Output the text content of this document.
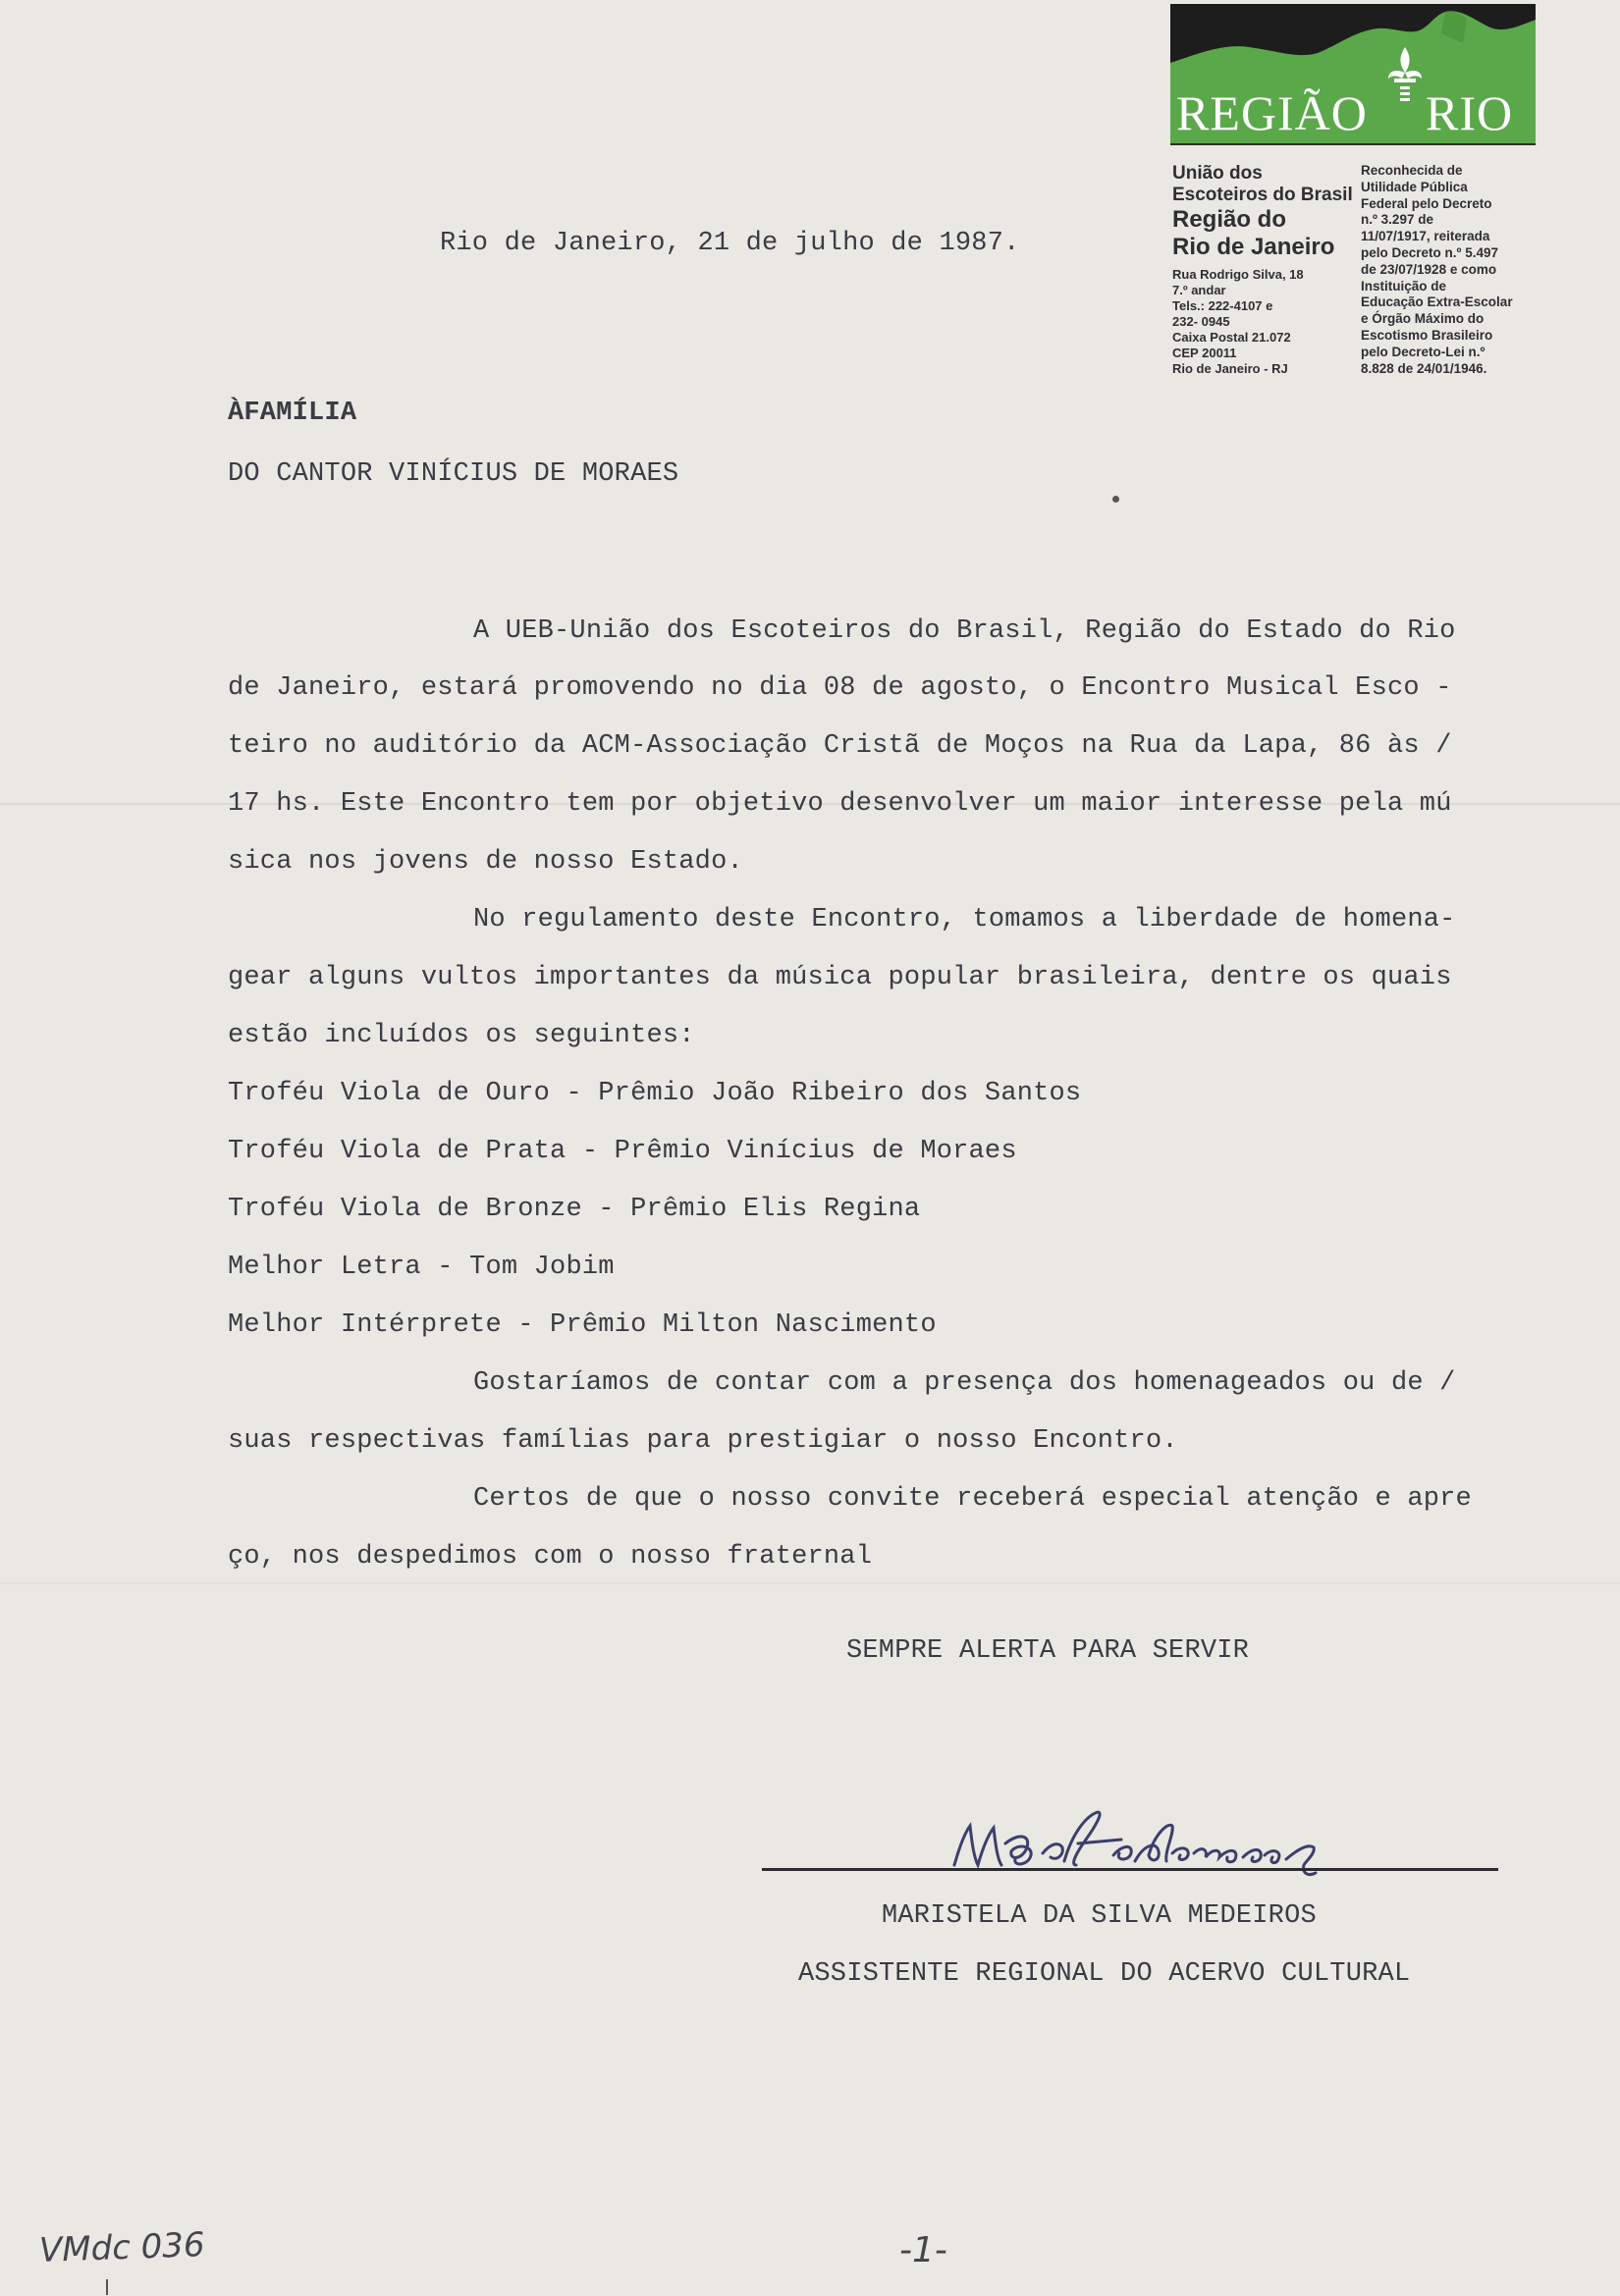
REGIÃO RIO
União dos
Escoteiros do Brasil
Região do
Rio de Janeiro
Rua Rodrigo Silva, 18
7.º andar
Tels.: 222-4107 e
232- 0945
Caixa Postal 21.072
CEP 20011
Rio de Janeiro - RJ
Reconhecida de
Utilidade Pública
Federal pelo Decreto
n.º 3.297 de
11/07/1917, reiterada
pelo Decreto n.º 5.497
de 23/07/1928 e como
Instituição de
Educação Extra-Escolar
e Órgão Máximo do
Escotismo Brasileiro
pelo Decreto-Lei n.º
8.828 de 24/01/1946.
Rio de Janeiro, 21 de julho de 1987.
ÀFAMÍLIA
DO CANTOR VINÍCIUS DE MORAES
A UEB-União dos Escoteiros do Brasil, Região do Estado do Rio
de Janeiro, estará promovendo no dia 08 de agosto, o Encontro Musical Esco -
teiro no auditório da ACM-Associação Cristã de Moços na Rua da Lapa, 86 às /
17 hs. Este Encontro tem por objetivo desenvolver um maior interesse pela mú
sica nos jovens de nosso Estado.
No regulamento deste Encontro, tomamos a liberdade de homena-
gear alguns vultos importantes da música popular brasileira, dentre os quais
estão incluídos os seguintes:
Troféu Viola de Ouro - Prêmio João Ribeiro dos Santos
Troféu Viola de Prata - Prêmio Vinícius de Moraes
Troféu Viola de Bronze - Prêmio Elis Regina
Melhor Letra - Tom Jobim
Melhor Intérprete - Prêmio Milton Nascimento
Gostaríamos de contar com a presença dos homenageados ou de /
suas respectivas famílias para prestigiar o nosso Encontro.
Certos de que o nosso convite receberá especial atenção e apre
ço, nos despedimos com o nosso fraternal
SEMPRE ALERTA PARA SERVIR
MARISTELA DA SILVA MEDEIROS
ASSISTENTE REGIONAL DO ACERVO CULTURAL
VMdc 036	-1-
